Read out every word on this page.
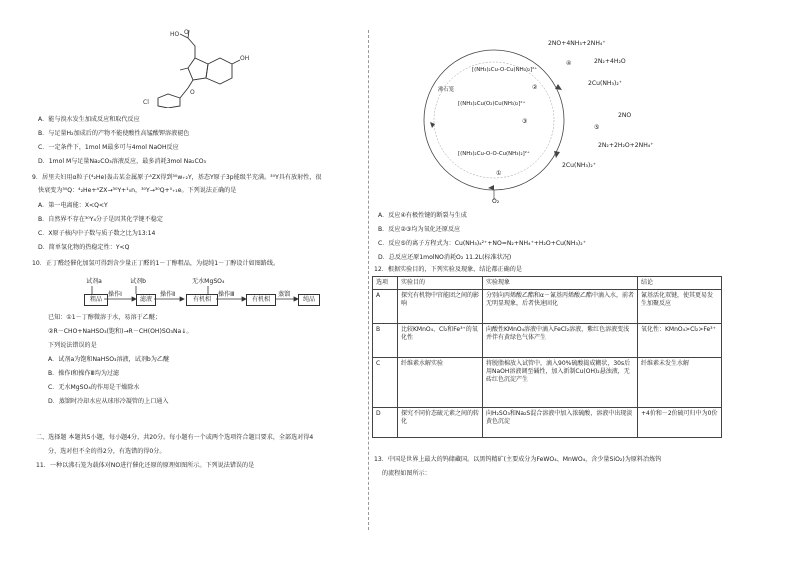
O
HO
OH
O
Cl
A．能与溴水发生加成反应和取代反应
B．与足量H₂加成后的产物不能使酸性高锰酸钾溶液褪色
C．一定条件下，1mol M最多可与4mol NaOH反应
D．1mol M与足量Na₂CO₃溶液反应，最多消耗3mol Na₂CO₃
9．居里夫妇用α粒子(⁴₂He)轰击某金属原子ᴬZX得到³⁰ᴡ₊₂Y，基态Y原子3p能级半充满。³⁰Y具有放射性，很
快衰变为³⁰Q：⁴₂He+ᴬZX→³⁰Y+¹₀n，³⁰Y→³⁰Q+⁰₊₁e。下列说法正确的是
A．第一电离能：X<Q<Y
B．自然界不存在³⁰Y₄分子是因其化学键不稳定
C．X原子核内中子数与质子数之比为13:14
D．简单氢化物的热稳定性：Y<Q
10．正丁醛经催化加氢可得到含少量正丁醛的1－丁醇粗品，为提纯1－丁醇设计如图路线。
试剂a	试剂b	无水MgSO₄
粗品
操作Ⅰ
滤液
操作Ⅱ
有机相
操作Ⅲ
有机相
蒸馏
纯品
已知：①1－丁醇微溶于水，易溶于乙醚；
②R－CHO+NaHSO₃(饱和)→R－CH(OH)SO₃Na↓。
下列说法错误的是
A．试剂a为饱和NaHSO₃溶液，试剂b为乙醚
B．操作Ⅰ和操作Ⅲ均为过滤
C．无水MgSO₄的作用是干燥除水
D．蒸馏时冷却水应从球形冷凝管的上口通入
二、选择题 本题共5小题，每小题4分，共20分。每小题有一个或两个选项符合题目要求，全部选对得4
分，选对但不全的得2分，有选错的得0分。
11．一种以沸石笼为载体对NO进行催化还原的原理如图所示。下列说法错误的是
[(NH₃)₂Cu-O-Cu(NH₃)₂]²⁺
[(NH₃)₂Cu(O₂)Cu(NH₃)₂]²⁺
[(NH₃)₂Cu-O-O-Cu(NH₃)₂]²⁺
沸石笼
2NO+4NH₃+2NH₄⁺
2N₂+4H₂O
2Cu(NH₃)₂⁺
2NO
2N₂+2H₂O+2NH₄⁺
2Cu(NH₃)₂⁺
O₂
①
②
③
④
⑤
A．反应④有极性键的断裂与生成
B．反应②③均为氧化还原反应
C．反应⑤的离子方程式为：Cu(NH₃)₄²⁺+NO=N₂+NH₄⁺+H₂O+Cu(NH₃)₂⁺
D．总反应还原1molNO消耗O₂ 11.2L(标准状况)
12．根据实验目的，下列实验及现象、结论都正确的是
选项	实验目的	实验现象	结论
A	探究有机物中官能团之间的影响	分别向丙烯酸乙酯和α－氰基丙烯酸乙酯中滴入水，前者无明显现象，后者快速固化	氰基活化双键，使其更易发生加聚反应
B	比较KMnO₄、Cl₂和Fe³⁺的氧化性	向酸性KMnO₄溶液中滴入FeCl₂溶液，紫红色溶液变浅并伴有黄绿色气体产生	氧化性：KMnO₄>Cl₂>Fe³⁺
C	纤维素水解实验	将脱脂棉放入试管中，滴入90%硫酸捣成糊状，30s后用NaOH溶液调至碱性，加入新制Cu(OH)₂悬浊液，无砖红色沉淀产生	纤维素未发生水解
D	探究不同价态硫元素之间的转化	向H₂SO₃和Na₂S混合溶液中加入浓硫酸，溶液中出现淡黄色沉淀	+4价和－2价硫可归中为0价
13．中国是世界上最大的钨储藏国。以黑钨精矿(主要成分为FeWO₄、MnWO₄，含少量SiO₂)为原料冶炼钨
的流程如图所示：
